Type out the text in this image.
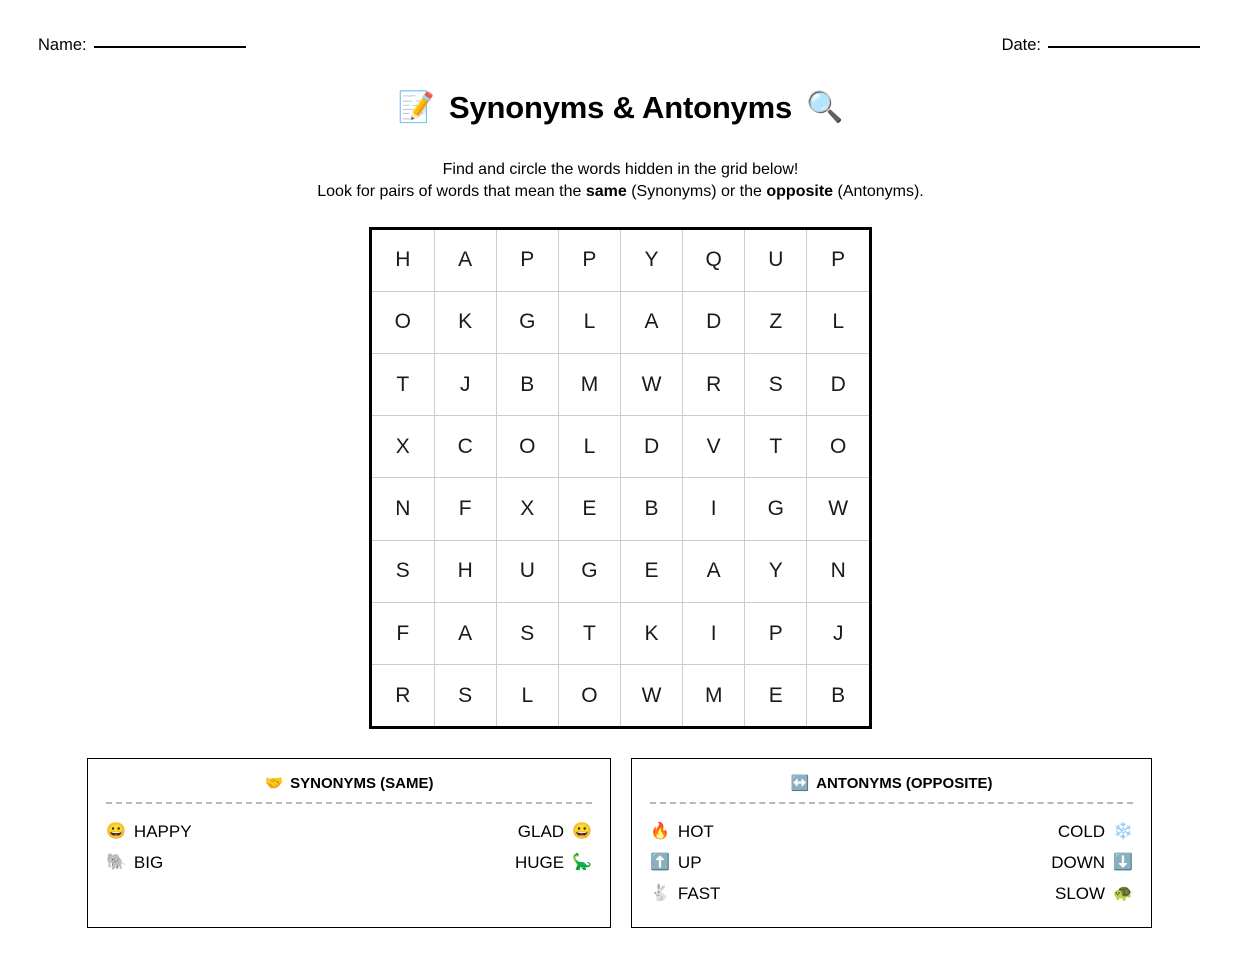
Name:	Date:
📝 Synonyms & Antonyms 🔍
Find and circle the words hidden in the grid below!
Look for pairs of words that mean the same (Synonyms) or the opposite (Antonyms).
H	A	P	P	Y	Q	U	P
O	K	G	L	A	D	Z	L
T	J	B	M	W	R	S	D
X	C	O	L	D	V	T	O
N	F	X	E	B	I	G	W
S	H	U	G	E	A	Y	N
F	A	S	T	K	I	P	J
R	S	L	O	W	M	E	B
🤝 SYNONYMS (SAME)
😀 HAPPY	GLAD 😀
🐘 BIG	HUGE 🦕
↔️ ANTONYMS (OPPOSITE)
🔥 HOT	COLD ❄️
⬆️ UP	DOWN ⬇️
🐇 FAST	SLOW 🐢
